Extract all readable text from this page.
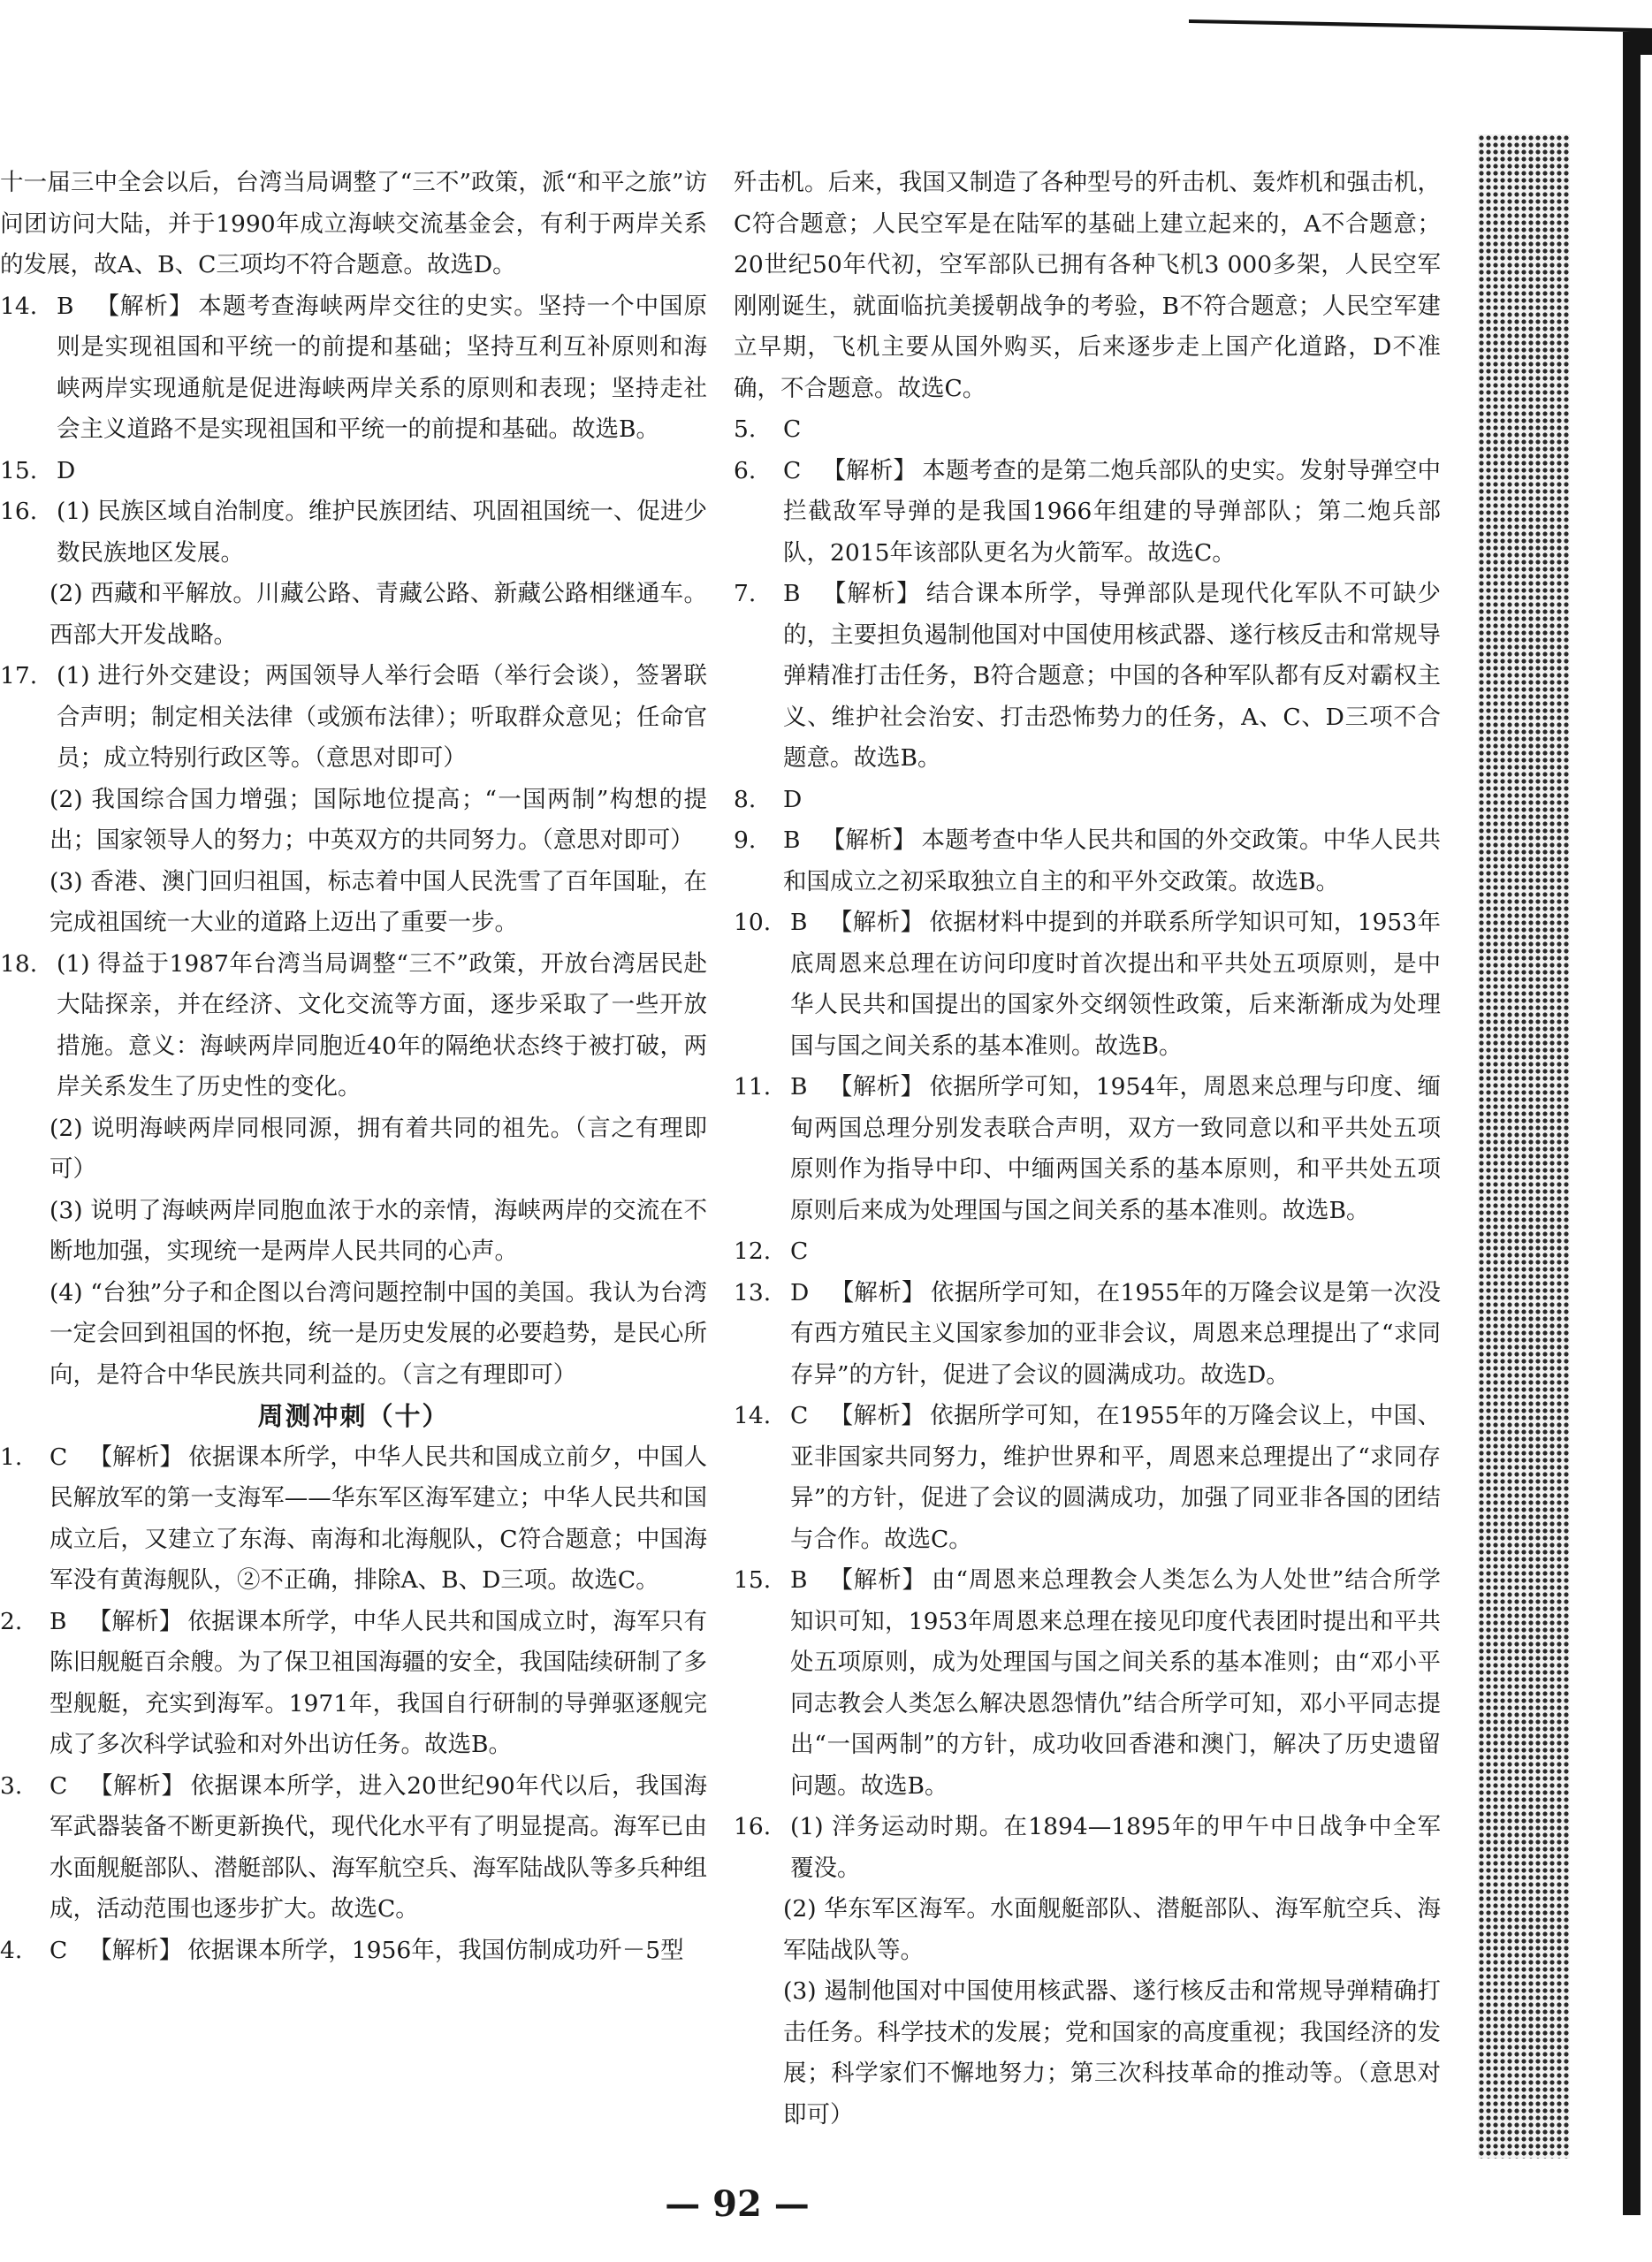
十一届三中全会以后，台湾当局调整了“三不”政策，派“和平之旅”访问团访问大陆，并于1990年成立海峡交流基金会，有利于两岸关系的发展，故A、B、C三项均不符合题意。故选D。

14. B 【解析】 本题考查海峡两岸交往的史实。坚持一个中国原则是实现祖国和平统一的前提和基础；坚持互利互补原则和海峡两岸实现通航是促进海峡两岸关系的原则和表现；坚持走社会主义道路不是实现祖国和平统一的前提和基础。故选B。
15. D
16. (1) 民族区域自治制度。维护民族团结、巩固祖国统一、促进少数民族地区发展。

(2) 西藏和平解放。川藏公路、青藏公路、新藏公路相继通车。西部大开发战略。

17. (1) 进行外交建设；两国领导人举行会晤（举行会谈），签署联合声明；制定相关法律（或颁布法律）；听取群众意见；任命官员；成立特别行政区等。（意思对即可）

(2) 我国综合国力增强；国际地位提高；“一国两制”构想的提出；国家领导人的努力；中英双方的共同努力。（意思对即可）

(3) 香港、澳门回归祖国，标志着中国人民洗雪了百年国耻，在完成祖国统一大业的道路上迈出了重要一步。

18. (1) 得益于1987年台湾当局调整“三不”政策，开放台湾居民赴大陆探亲，并在经济、文化交流等方面，逐步采取了一些开放措施。意义：海峡两岸同胞近40年的隔绝状态终于被打破，两岸关系发生了历史性的变化。

(2) 说明海峡两岸同根同源，拥有着共同的祖先。（言之有理即可）

(3) 说明了海峡两岸同胞血浓于水的亲情，海峡两岸的交流在不断地加强，实现统一是两岸人民共同的心声。

(4) “台独”分子和企图以台湾问题控制中国的美国。我认为台湾一定会回到祖国的怀抱，统一是历史发展的必要趋势，是民心所向，是符合中华民族共同利益的。（言之有理即可）

周测冲刺（十）
1.	C 【解析】 依据课本所学，中华人民共和国成立前夕，中国人民解放军的第一支海军——华东军区海军建立；中华人民共和国成立后，又建立了东海、南海和北海舰队，C符合题意；中国海军没有黄海舰队，②不正确，排除A、B、D三项。故选C。
2.	B 【解析】 依据课本所学，中华人民共和国成立时，海军只有陈旧舰艇百余艘。为了保卫祖国海疆的安全，我国陆续研制了多型舰艇，充实到海军。1971年，我国自行研制的导弹驱逐舰完成了多次科学试验和对外出访任务。故选B。
3.	C 【解析】 依据课本所学，进入20世纪90年代以后，我国海军武器装备不断更新换代，现代化水平有了明显提高。海军已由水面舰艇部队、潜艇部队、海军航空兵、海军陆战队等多兵种组成，活动范围也逐步扩大。故选C。
4.	C 【解析】 依据课本所学，1956年，我国仿制成功歼－5型

歼击机。后来，我国又制造了各种型号的歼击机、轰炸机和强击机，C符合题意；人民空军是在陆军的基础上建立起来的，A不合题意；20世纪50年代初，空军部队已拥有各种飞机3 000多架，人民空军刚刚诞生，就面临抗美援朝战争的考验，B不符合题意；人民空军建立早期，飞机主要从国外购买，后来逐步走上国产化道路，D不准确，不合题意。故选C。

5.	C
6.	C 【解析】 本题考查的是第二炮兵部队的史实。发射导弹空中拦截敌军导弹的是我国1966年组建的导弹部队；第二炮兵部队，2015年该部队更名为火箭军。故选C。
7.	B 【解析】 结合课本所学，导弹部队是现代化军队不可缺少的，主要担负遏制他国对中国使用核武器、遂行核反击和常规导弹精准打击任务，B符合题意；中国的各种军队都有反对霸权主义、维护社会治安、打击恐怖势力的任务，A、C、D三项不合题意。故选B。
8.	D
9.	B 【解析】 本题考查中华人民共和国的外交政策。中华人民共和国成立之初采取独立自主的和平外交政策。故选B。
10. B 【解析】 依据材料中提到的并联系所学知识可知，1953年底周恩来总理在访问印度时首次提出和平共处五项原则，是中华人民共和国提出的国家外交纲领性政策，后来渐渐成为处理国与国之间关系的基本准则。故选B。
11. B 【解析】 依据所学可知，1954年，周恩来总理与印度、缅甸两国总理分别发表联合声明，双方一致同意以和平共处五项原则作为指导中印、中缅两国关系的基本原则，和平共处五项原则后来成为处理国与国之间关系的基本准则。故选B。
12. C
13. D 【解析】 依据所学可知，在1955年的万隆会议是第一次没有西方殖民主义国家参加的亚非会议，周恩来总理提出了“求同存异”的方针，促进了会议的圆满成功。故选D。
14. C 【解析】 依据所学可知，在1955年的万隆会议上，中国、亚非国家共同努力，维护世界和平，周恩来总理提出了“求同存异”的方针，促进了会议的圆满成功，加强了同亚非各国的团结与合作。故选C。
15. B 【解析】 由“周恩来总理教会人类怎么为人处世”结合所学知识可知，1953年周恩来总理在接见印度代表团时提出和平共处五项原则，成为处理国与国之间关系的基本准则；由“邓小平同志教会人类怎么解决恩怨情仇”结合所学可知，邓小平同志提出“一国两制”的方针，成功收回香港和澳门，解决了历史遗留问题。故选B。
16. (1) 洋务运动时期。在1894—1895年的甲午中日战争中全军覆没。

(2) 华东军区海军。水面舰艇部队、潜艇部队、海军航空兵、海军陆战队等。

(3) 遏制他国对中国使用核武器、遂行核反击和常规导弹精确打击任务。科学技术的发展；党和国家的高度重视；我国经济的发展；科学家们不懈地努力；第三次科技革命的推动等。（意思对即可）

— 92 —
